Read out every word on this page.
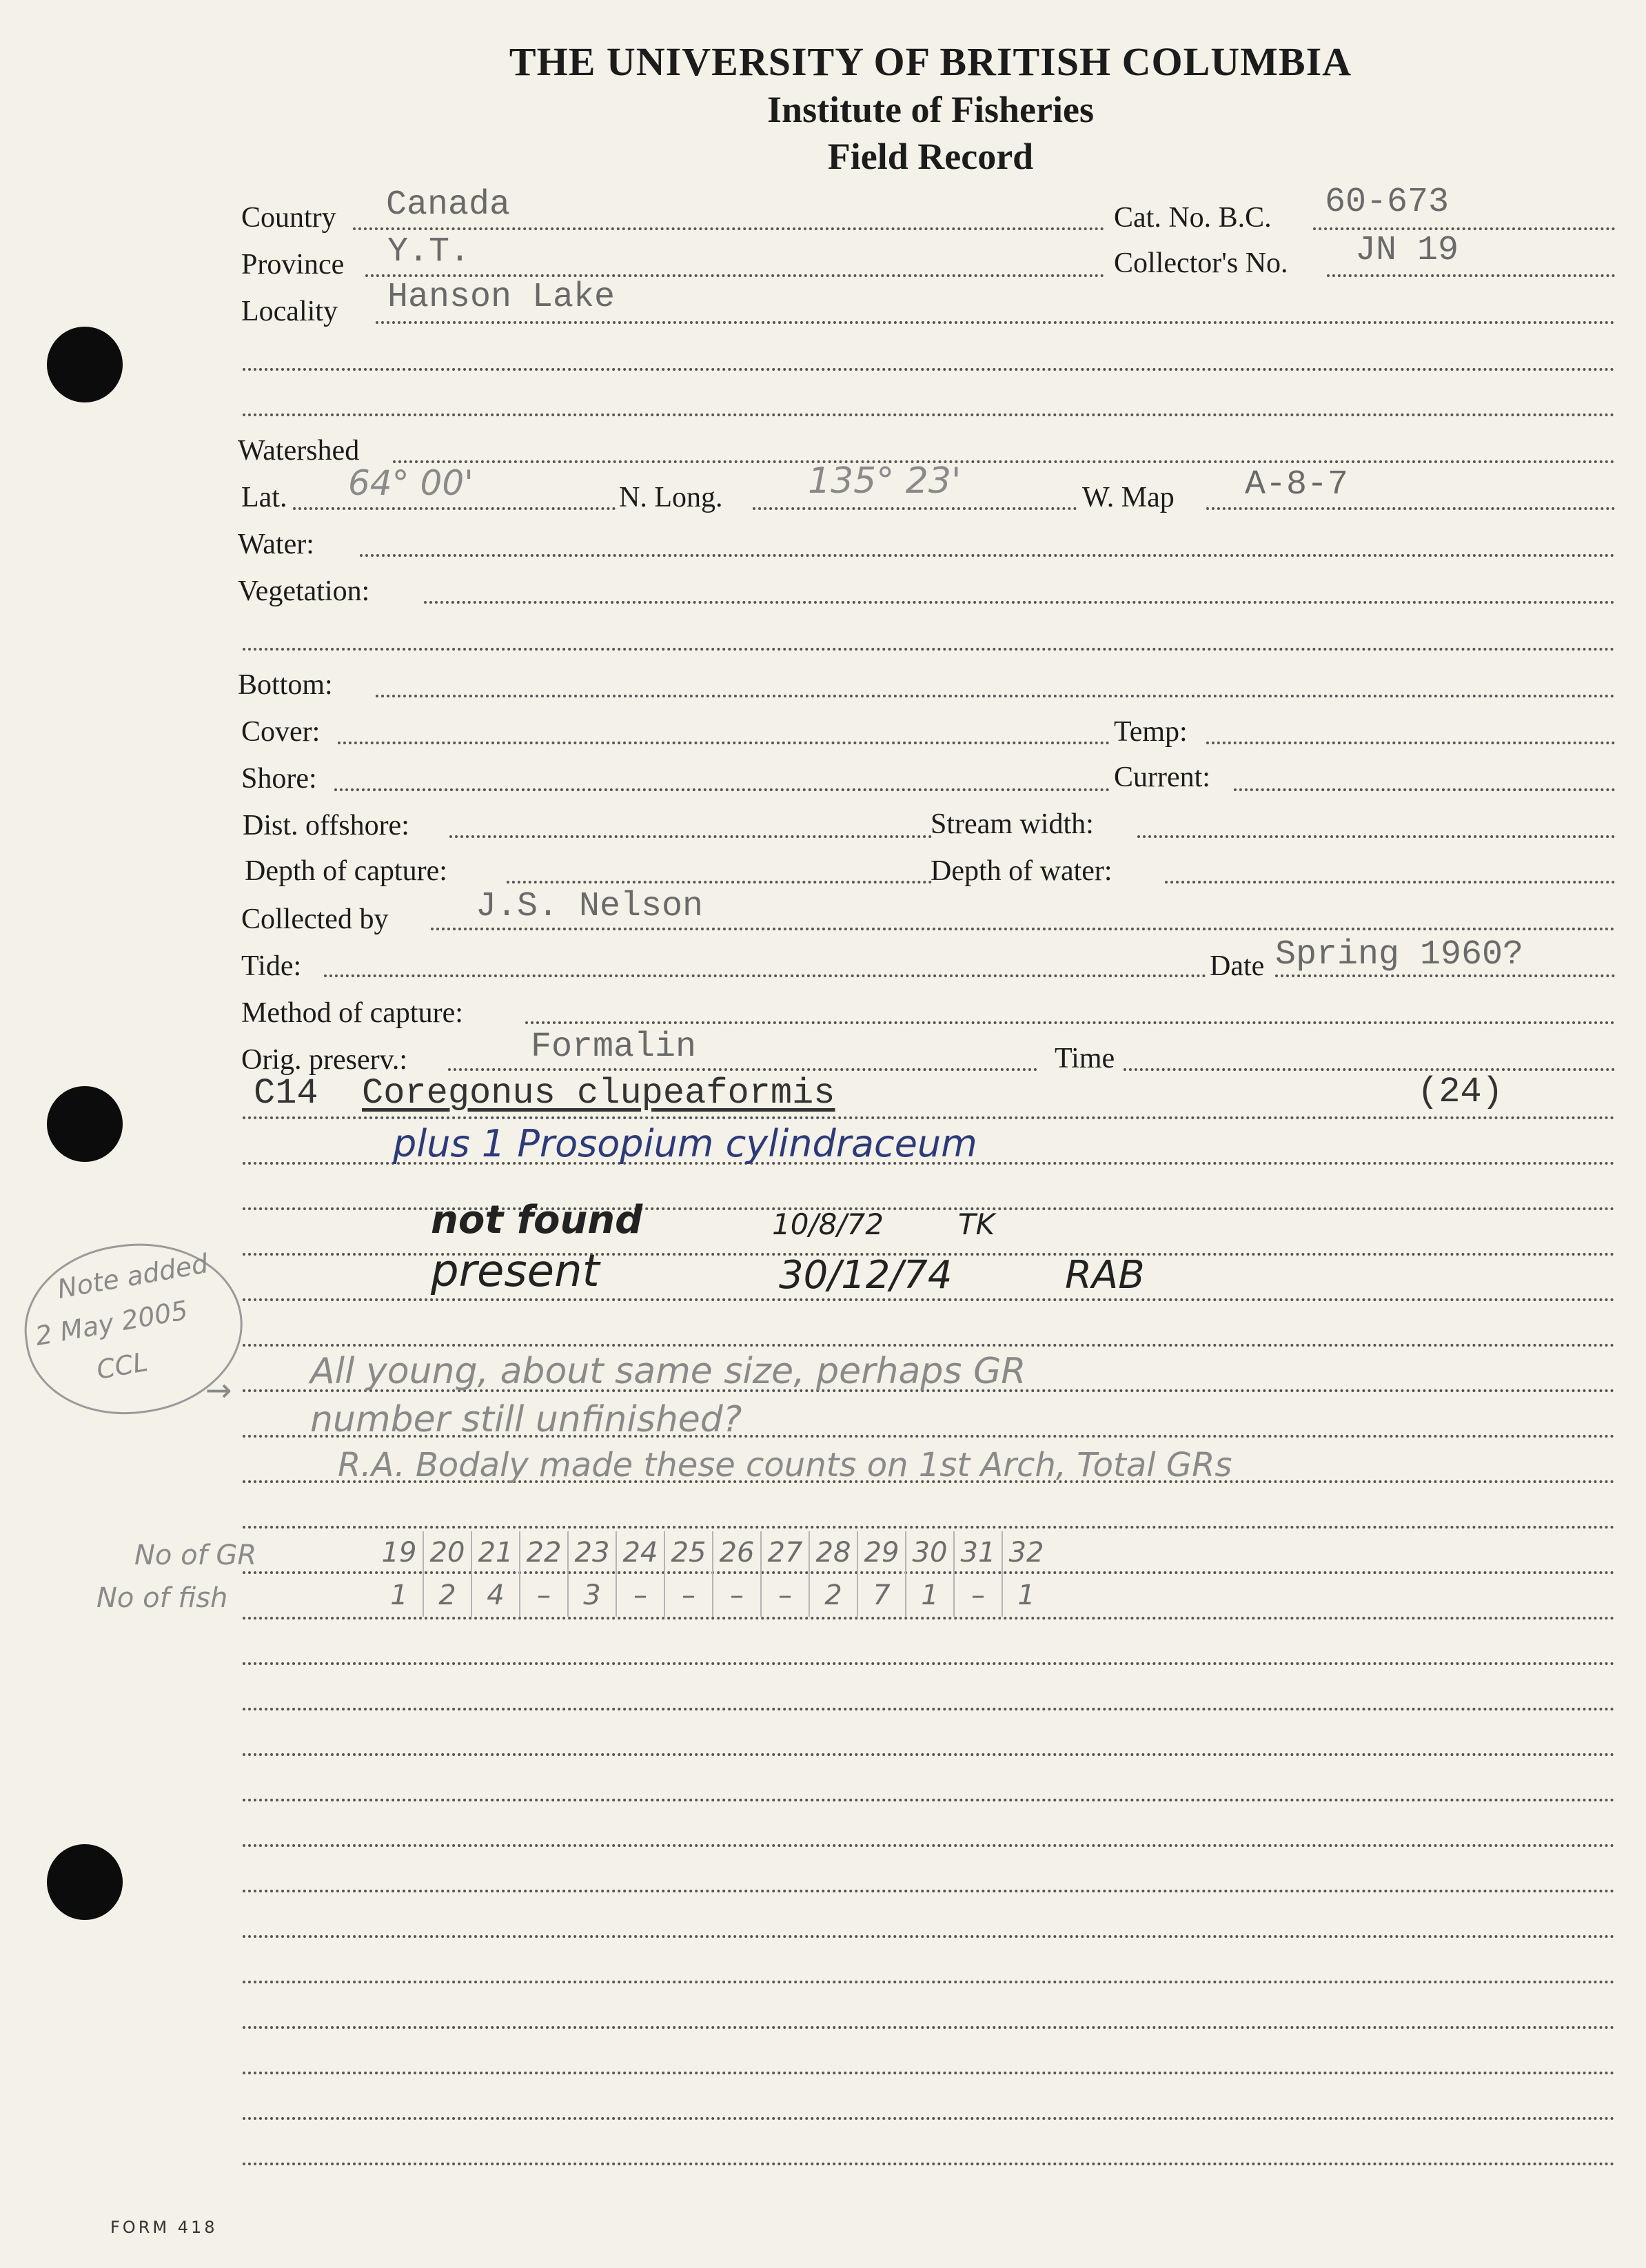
THE UNIVERSITY OF BRITISH COLUMBIA
Institute of Fisheries
Field Record
Country Canada	Cat. No. B.C. 60-673
Province Y.T.	Collector's No. JN 19
Locality Hanson Lake
Watershed
Lat. 64° 00'	N. Long. 135° 23'	W. Map A-8-7
Water:
Vegetation:
Bottom:
Cover:	Temp:
Shore:	Current:
Dist. offshore:	Stream width:
Depth of capture:	Depth of water:
Collected by	J.S. Nelson
Tide:	Date Spring 1960?
Method of capture:
Orig. preserv.:	Formalin	Time
C14 Coregonus clupeaformis	(24)
plus 1 Prosopium cylindraceum
not found	10/8/72	TK
present	30/12/74	RAB
All young, about same size, perhaps GR
number still unfinished?
R.A. Bodaly made these counts on 1st Arch, Total GRs
Note added
2 May 2005
CCL
→
No of GR
No of fish
19	20	21	22	23	24	25	26	27	28	29	30	31	32
1	2	4	–	3	–	–	–	–	2	7	1	–	1
FORM 418
